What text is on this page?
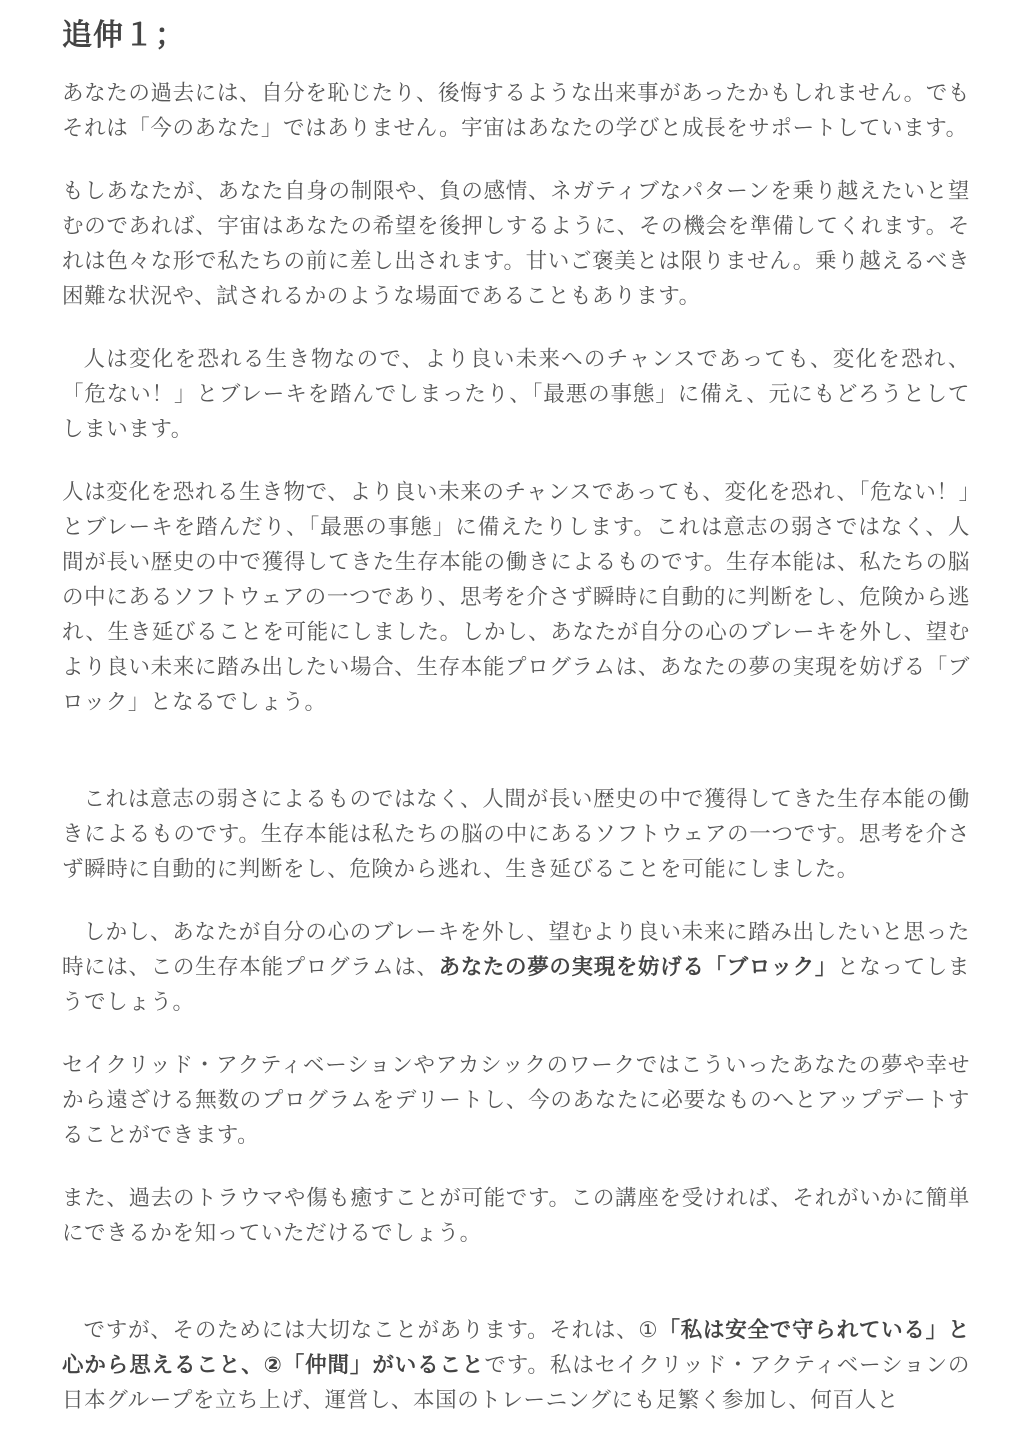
追伸１；

あなたの過去には、自分を恥じたり、後悔するような出来事があったかもしれません。でもそれは「今のあなた」ではありません。宇宙はあなたの学びと成長をサポートしています。

もしあなたが、あなた自身の制限や、負の感情、ネガティブなパターンを乗り越えたいと望むのであれば、宇宙はあなたの希望を後押しするように、その機会を準備してくれます。それは色々な形で私たちの前に差し出されます。甘いご褒美とは限りません。乗り越えるべき困難な状況や、試されるかのような場面であることもあります。

人は変化を恐れる生き物なので、より良い未来へのチャンスであっても、変化を恐れ、「危ない！」とブレーキを踏んでしまったり、「最悪の事態」に備え、元にもどろうとしてしまいます。

人は変化を恐れる生き物で、より良い未来のチャンスであっても、変化を恐れ、「危ない！」とブレーキを踏んだり、「最悪の事態」に備えたりします。これは意志の弱さではなく、人間が長い歴史の中で獲得してきた生存本能の働きによるものです。生存本能は、私たちの脳の中にあるソフトウェアの一つであり、思考を介さず瞬時に自動的に判断をし、危険から逃れ、生き延びることを可能にしました。しかし、あなたが自分の心のブレーキを外し、望むより良い未来に踏み出したい場合、生存本能プログラムは、あなたの夢の実現を妨げる「ブロック」となるでしょう。

これは意志の弱さによるものではなく、人間が長い歴史の中で獲得してきた生存本能の働きによるものです。生存本能は私たちの脳の中にあるソフトウェアの一つです。思考を介さず瞬時に自動的に判断をし、危険から逃れ、生き延びることを可能にしました。

しかし、あなたが自分の心のブレーキを外し、望むより良い未来に踏み出したいと思った時には、この生存本能プログラムは、あなたの夢の実現を妨げる「ブロック」となってしまうでしょう。

セイクリッド・アクティベーションやアカシックのワークではこういったあなたの夢や幸せから遠ざける無数のプログラムをデリートし、今のあなたに必要なものへとアップデートすることができます。

また、過去のトラウマや傷も癒すことが可能です。この講座を受ければ、それがいかに簡単にできるかを知っていただけるでしょう。

ですが、そのためには大切なことがあります。それは、①「私は安全で守られている」と心から思えること、②「仲間」がいることです。私はセイクリッド・アクティベーションの日本グループを立ち上げ、運営し、本国のトレーニングにも足繁く参加し、何百人と
